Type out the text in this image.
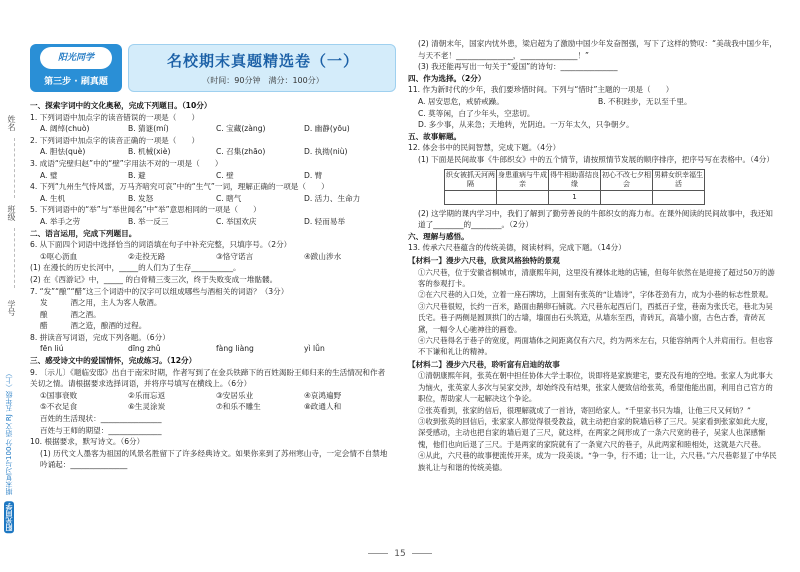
姓名
班级
学号
阳光同学 期末复习与100分 语文 RJ 五年级（上）
阳光同学
第三步 · 刷真题
名校期末真题精选卷（一）
（时间：90分钟　满分：100分）
一、探索字词中的文化奥秘，完成下列题目。（10分）
1. 下列词语中加点字的读音错误的一项是（　　）
A. 阔绰(chuò)	B. 猜谜(mí)	C. 宝藏(zàng)	D. 幽静(yōu)
2. 下列词语中加点字的读音正确的一项是（　　）
A. 胆怯(què)	B. 机械(xiè)	C. 召集(zhāo)	D. 执拗(niù)
3. 成语“完壁归赵”中的“壁”字用法不对的一项是（　　）
A. 璧	B. 避	C. 壁	D. 臂
4. 下列“九州生气恃风雷，万马齐喑究可哀”中的“生气”一词，理解正确的一项是（　　）
A. 生机	B. 发怒	C. 瞎气	D. 活力、生命力
5. 下列词语中的“举”与“举世闻名”中“举”意思相同的一项是（　　）
A. 举手之劳	B. 举一反三	C. 举国欢庆	D. 轻而易举
二、语言运用，完成下列题目。
6. 从下面四个词语中选择恰当的词语填在句子中补充完整，只填序号。（2分）
①呕心沥血	②走投无路	③恪守诺言	④跋山涉水
(1) 在漫长的历史长河中，_____的人们为了生存___________。
(2) 在《西游记》中，_____ 的白骨精三变三次，终于失败变成一堆骷髅。
7. “发”“酿”“醋”这三个词语中的汉字可以组成哪些与酒相关的词语？（3分）
发　　　酒之用，主人为客人敬酒。
酿　　　酒之酒。
醋　　　酒之造，酿酒的过程。
8. 拼读音写词语，完成下列各题。（6分）
fēn liú	dīng zhǔ	fàng liàng	yì lǚn
三、感受诗文中的爱国情怀，完成练习。（12分）
9. 〔示儿〕《题临安邸》出自于南宋时期，作者写到了在金兵铁蹄下的百姓渴盼王师归来的生活情况和作者关切之情。请根据要求选择词语，并将序号填写在横线上。（6分）
①国事衰败	②乐而忘返	③安居乐业	④哀鸿遍野
⑤不衣足食	⑥生灵涂炭	⑦和乐不雕生	⑧政通人和
百姓的生活现状：________________
百姓与王师的期望：______________
10. 根据要求，默写诗文。（6分）
(1) 历代文人墨客为祖国的风景名胜留下了许多经典诗文。如果你来到了苏州寒山寺，一定会情不自禁地吟诵起：_______________
(2) 清朝末年，国家内忧外患，梁启超为了激励中国少年发奋图强，写下了这样的赞叹：“美哉我中国少年，与天不老！_______________，_______________！”
(3) 我还能再写出一句关于“爱国”的诗句：_______________
四、作为选择。（2分）
11. 作为新时代的少年，我们要珍惜时间。下列与“惜时”主题的一项是（　　）
A. 居安思危，戒骄戒躁。	B. 不积跬步，无以至千里。
C. 莫等闲，白了少年头，空悲切。
D. 多少事，从来急；天地转，光阴迫。一万年太久，只争朝夕。
五、故事解题。
12. 体会书中的民间智慧，完成下题。（4分）
(1) 下面是民间故事《牛郎织女》中的五个情节，请按照情节发展的顺序排序，把序号写在表格中。（4分）
织女被抓天河两隔	身患重病与牛成亲	得牛相助喜结良缘	初心不改七夕相会	男耕女织幸福生活
		1		
(2) 这学期的课内学习中，我们了解到了勤劳善良的牛郎织女的海力布。在课外阅读的民间故事中，我还知道了________的________。（2分）
六、理解与感悟。
13. 传承六尺巷蕴含的传统美德，阅读材料，完成下题。（14分）
【材料一】漫步六尺巷，欣赏风格独特的景观
①六尺巷，位于安徽省桐城市，清康熙年间，这里没有裸体北地的店铺，但每年依然在是迎接了超过50万的游客的参观打卡。
②在六尺巷的入口处，立着一座石牌坊，上面刻有张英的“让墙诗”，字体苍劲有力，成为小巷的标志性景观。
③六尺巷很短，长约一百米，路面由鹅卵石铺就。六尺巷东起西后门，西抵百子堂，巷南为张氏宅，巷北为吴氏宅。巷子两侧是圆顶拱门的古墙，墙面由石头筑造，从墙东至西，青砖瓦，高墙小窗，古色古香，青砖瓦黛，一幅令人心驰神往的画卷。
④六尺巷得名于巷子的宽度，两面墙体之间距离仅有六尺，约为两米左右，只能容纳两个人并肩而行。但也容不下谦和礼让的精神。
【材料二】漫步六尺巷，聆听富有启迪的故事
①清朝康熙年间，张英在朝中担任协体大学士职位，说即将是家族建宅，要充没有地的空地。张家人为此事大为恼火，张英家人多次与吴家交涉，却始终没有结果，张家人便致信给张英，希望他能出面，利用自己官方的职位，帮助家人一起解决这个争论。
②张英看到，张家的信后，很理解就成了一首诗，寄回给家人。“千里家书只为墙，让他三尺又何妨？”
③收到张英的回信后，张家家人都觉得很受教益，就主动把自家的院墙后移了三尺。吴家看到张家如此大度，深受感动，主动也把自家的墙后退了三尺，就这样，在两家之间形成了一条六尺宽的巷子，吴家人也深感惭愧，他们也向后退了三尺。于是两家的家院就有了一条宽六尺的巷子，从此两家和睦相处，这就是六尺巷。
④从此，六尺巷的故事便流传开来，成为一段美谈。“争一争，行不通；让一让，六尺巷。”六尺巷彰显了中华民族礼让与和谐的传统美德。
15
